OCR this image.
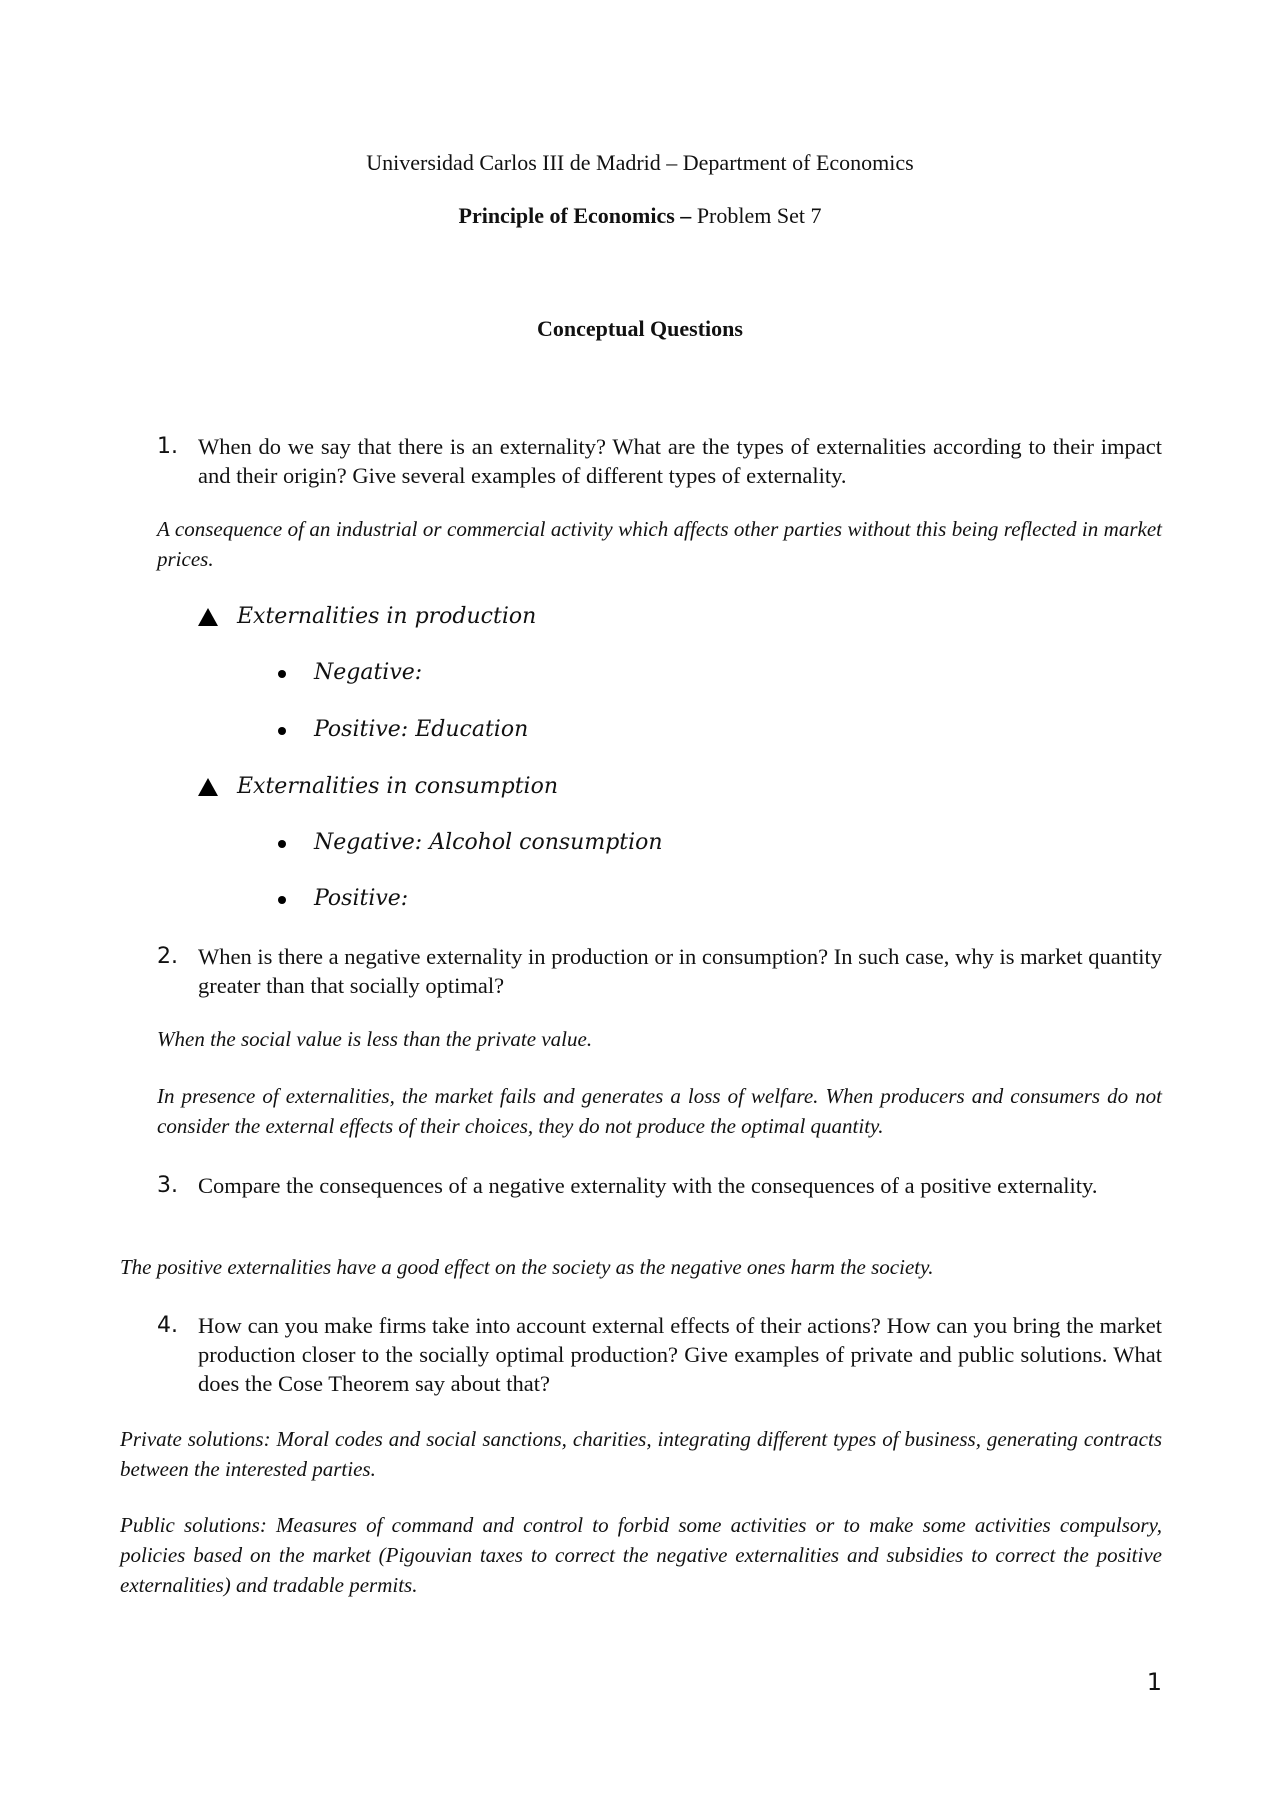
Universidad Carlos III de Madrid – Department of Economics
Principle of Economics – Problem Set 7
Conceptual Questions
1. When do we say that there is an externality? What are the types of externalities according to their impact and their origin? Give several examples of different types of externality.
A consequence of an industrial or commercial activity which affects other parties without this being reflected in market prices.
Externalities in production
Negative:
Positive: Education
Externalities in consumption
Negative: Alcohol consumption
Positive:
2. When is there a negative externality in production or in consumption? In such case, why is market quantity greater than that socially optimal?
When the social value is less than the private value.
In presence of externalities, the market fails and generates a loss of welfare. When producers and consumers do not consider the external effects of their choices, they do not produce the optimal quantity.
3. Compare the consequences of a negative externality with the consequences of a positive externality.
The positive externalities have a good effect on the society as the negative ones harm the society.
4. How can you make firms take into account external effects of their actions? How can you bring the market production closer to the socially optimal production? Give examples of private and public solutions. What does the Cose Theorem say about that?
Private solutions: Moral codes and social sanctions, charities, integrating different types of business, generating contracts between the interested parties.
Public solutions: Measures of command and control to forbid some activities or to make some activities compulsory, policies based on the market (Pigouvian taxes to correct the negative externalities and subsidies to correct the positive externalities) and tradable permits.
1
